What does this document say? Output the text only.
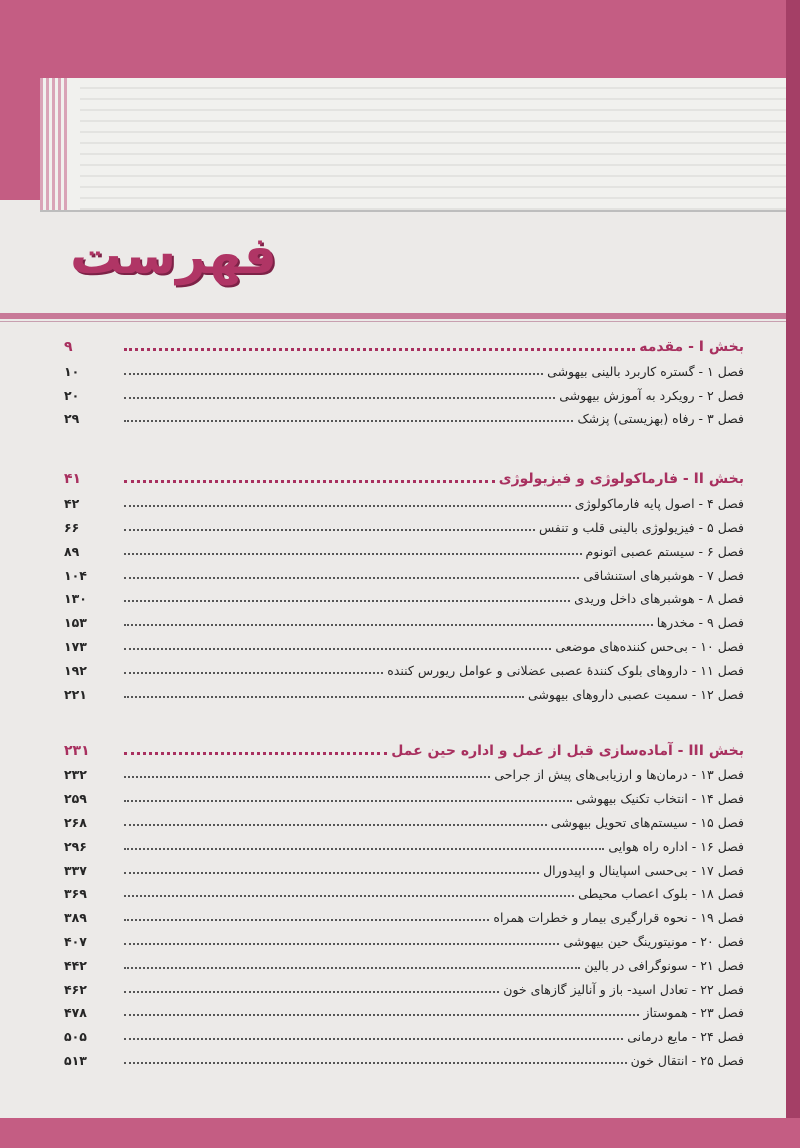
فهرست
بخش I - مقدمه
۹
فصل ۱ - گستره کاربرد بالینی بیهوشی
۱۰
فصل ۲ - رویکرد به آموزش بیهوشی
۲۰
فصل ۳ - رفاه (بهزیستی) پزشک
۲۹
بخش II - فارماکولوژی و فیزیولوژی
۴۱
فصل ۴ - اصول پایه فارماکولوژی
۴۲
فصل ۵ - فیزیولوژی بالینی قلب و تنفس
۶۶
فصل ۶ - سیستم عصبی اتونوم
۸۹
فصل ۷ - هوشبرهای استنشاقی
۱۰۴
فصل ۸ - هوشبرهای داخل وریدی
۱۳۰
فصل ۹ - مخدرها
۱۵۳
فصل ۱۰ - بی‌حس کننده‌های موضعی
۱۷۳
فصل ۱۱ - داروهای بلوک کنندهٔ عصبی عضلانی و عوامل ریورس کننده
۱۹۲
فصل ۱۲ - سمیت عصبی داروهای بیهوشی
۲۲۱
بخش III - آماده‌سازی قبل از عمل و اداره حین عمل
۲۳۱
فصل ۱۳ - درمان‌ها و ارزیابی‌های پیش از جراحی
۲۳۲
فصل ۱۴ - انتخاب تکنیک بیهوشی
۲۵۹
فصل ۱۵ - سیستم‌های تحویل بیهوشی
۲۶۸
فصل ۱۶ - اداره راه هوایی
۲۹۶
فصل ۱۷ - بی‌حسی اسپاینال و اپیدورال
۳۳۷
فصل ۱۸ - بلوک اعصاب محیطی
۳۶۹
فصل ۱۹ - نحوه قرارگیری بیمار و خطرات همراه
۳۸۹
فصل ۲۰ - مونیتورینگ حین بیهوشی
۴۰۷
فصل ۲۱ - سونوگرافی در بالین
۴۴۲
فصل ۲۲ - تعادل اسید- باز و آنالیز گازهای خون
۴۶۲
فصل ۲۳ - هموستاز
۴۷۸
فصل ۲۴ - مایع درمانی
۵۰۵
فصل ۲۵ - انتقال خون
۵۱۳
